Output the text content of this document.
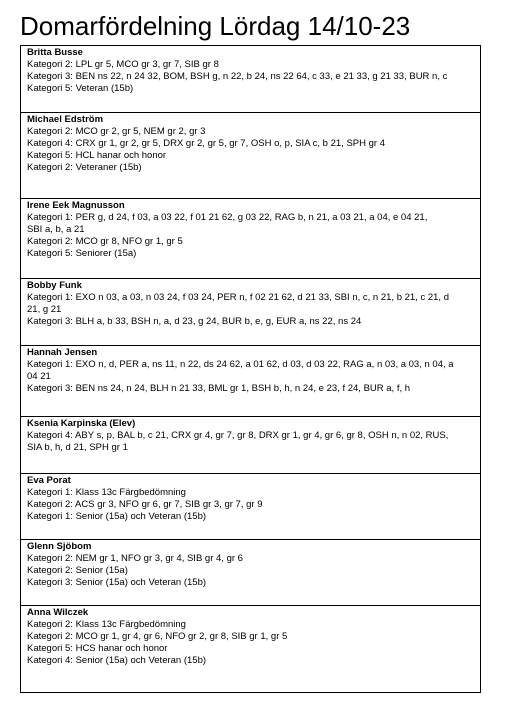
Domarfördelning Lördag 14/10-23
Britta Busse
Kategori 2: LPL gr 5, MCO gr 3, gr 7, SIB gr 8
Kategori 3: BEN ns 22, n 24 32, BOM, BSH g, n 22, b 24, ns 22 64, c 33, e 21 33, g 21 33, BUR n, c
Kategori 5: Veteran (15b)
Michael Edström
Kategori 2: MCO gr 2, gr 5, NEM gr 2, gr 3
Kategori 4: CRX gr 1, gr 2, gr 5, DRX gr 2, gr 5, gr 7, OSH o, p, SIA c, b 21, SPH gr 4
Kategori 5: HCL hanar och honor
Kategori 2: Veteraner (15b)
Irene Eek Magnusson
Kategori 1: PER g, d 24, f 03, a 03 22, f 01 21 62, g 03 22, RAG b, n 21, a 03 21, a 04, e 04 21,
SBI a, b, a 21
Kategori 2: MCO gr 8, NFO gr 1, gr 5
Kategori 5: Seniorer (15a)
Bobby Funk
Kategori 1: EXO n 03, a 03, n 03 24, f 03 24, PER n, f 02 21 62, d 21 33, SBI n, c, n 21, b 21, c 21, d
21, g 21
Kategori 3: BLH a, b 33, BSH n, a, d 23, g 24, BUR b, e, g, EUR a, ns 22, ns 24
Hannah Jensen
Kategori 1: EXO n, d, PER a, ns 11, n 22, ds 24 62, a 01 62, d 03, d 03 22, RAG a, n 03, a 03, n 04, a
04 21
Kategori 3: BEN ns 24, n 24, BLH n 21 33, BML gr 1, BSH b, h, n 24, e 23, f 24, BUR a, f, h
Ksenia Karpinska (Elev)
Kategori 4: ABY s, p, BAL b, c 21, CRX gr 4, gr 7, gr 8, DRX gr 1, gr 4, gr 6, gr 8, OSH n, n 02, RUS,
SIA b, h, d 21, SPH gr 1
Eva Porat
Kategori 1: Klass 13c Färgbedömning
Kategori 2: ACS gr 3, NFO gr 6, gr 7, SIB gr 3, gr 7, gr 9
Kategori 1: Senior (15a) och Veteran (15b)
Glenn Sjöbom
Kategori 2: NEM gr 1, NFO gr 3, gr 4, SIB gr 4, gr 6
Kategori 2: Senior (15a)
Kategori 3: Senior (15a) och Veteran (15b)
Anna Wilczek
Kategori 2: Klass 13c Färgbedömning
Kategori 2: MCO gr 1, gr 4, gr 6, NFO gr 2, gr 8, SIB gr 1, gr 5
Kategori 5: HCS hanar och honor
Kategori 4: Senior (15a) och Veteran (15b)
